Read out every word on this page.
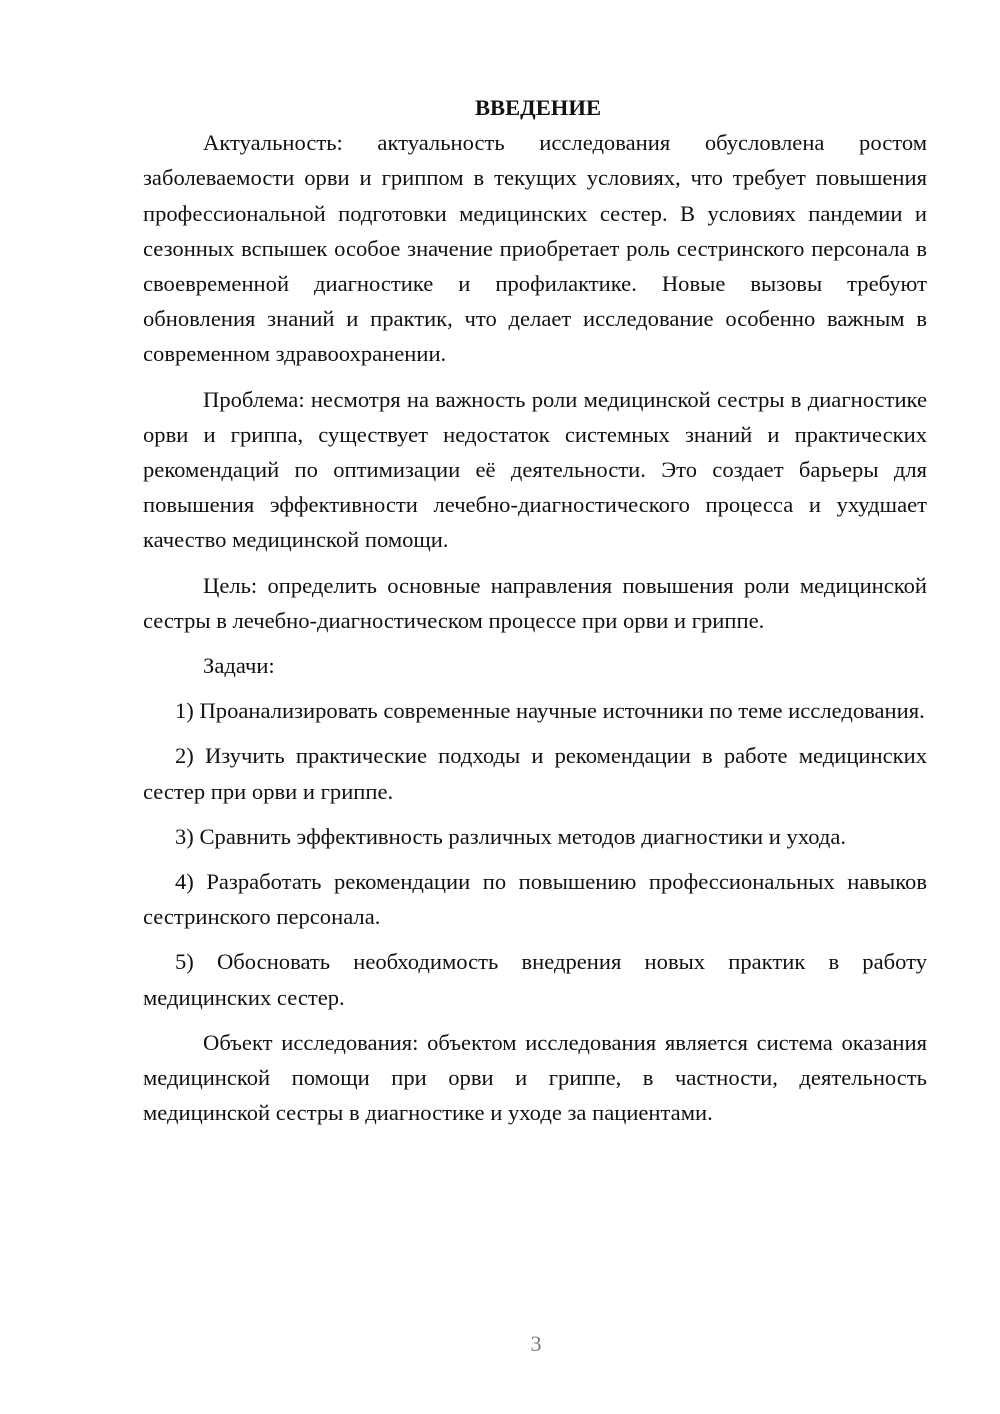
ВВЕДЕНИЕ

Актуальность: актуальность исследования обусловлена ростом заболеваемости орви и гриппом в текущих условиях, что требует повышения профессиональной подготовки медицинских сестер. В условиях пандемии и сезонных вспышек особое значение приобретает роль сестринского персонала в своевременной диагностике и профилактике. Новые вызовы требуют обновления знаний и практик, что делает исследование особенно важным в современном здравоохранении.

Проблема: несмотря на важность роли медицинской сестры в диагностике орви и гриппа, существует недостаток системных знаний и практических рекомендаций по оптимизации её деятельности. Это создает барьеры для повышения эффективности лечебно-диагностического процесса и ухудшает качество медицинской помощи.

Цель: определить основные направления повышения роли медицинской сестры в лечебно-диагностическом процессе при орви и гриппе.

Задачи:

1) Проанализировать современные научные источники по теме исследования.

2) Изучить практические подходы и рекомендации в работе медицинских сестер при орви и гриппе.

3) Сравнить эффективность различных методов диагностики и ухода.

4) Разработать рекомендации по повышению профессиональных навыков сестринского персонала.

5) Обосновать необходимость внедрения новых практик в работу медицинских сестер.

Объект исследования: объектом исследования является система оказания медицинской помощи при орви и гриппе, в частности, деятельность медицинской сестры в диагностике и уходе за пациентами.

3
